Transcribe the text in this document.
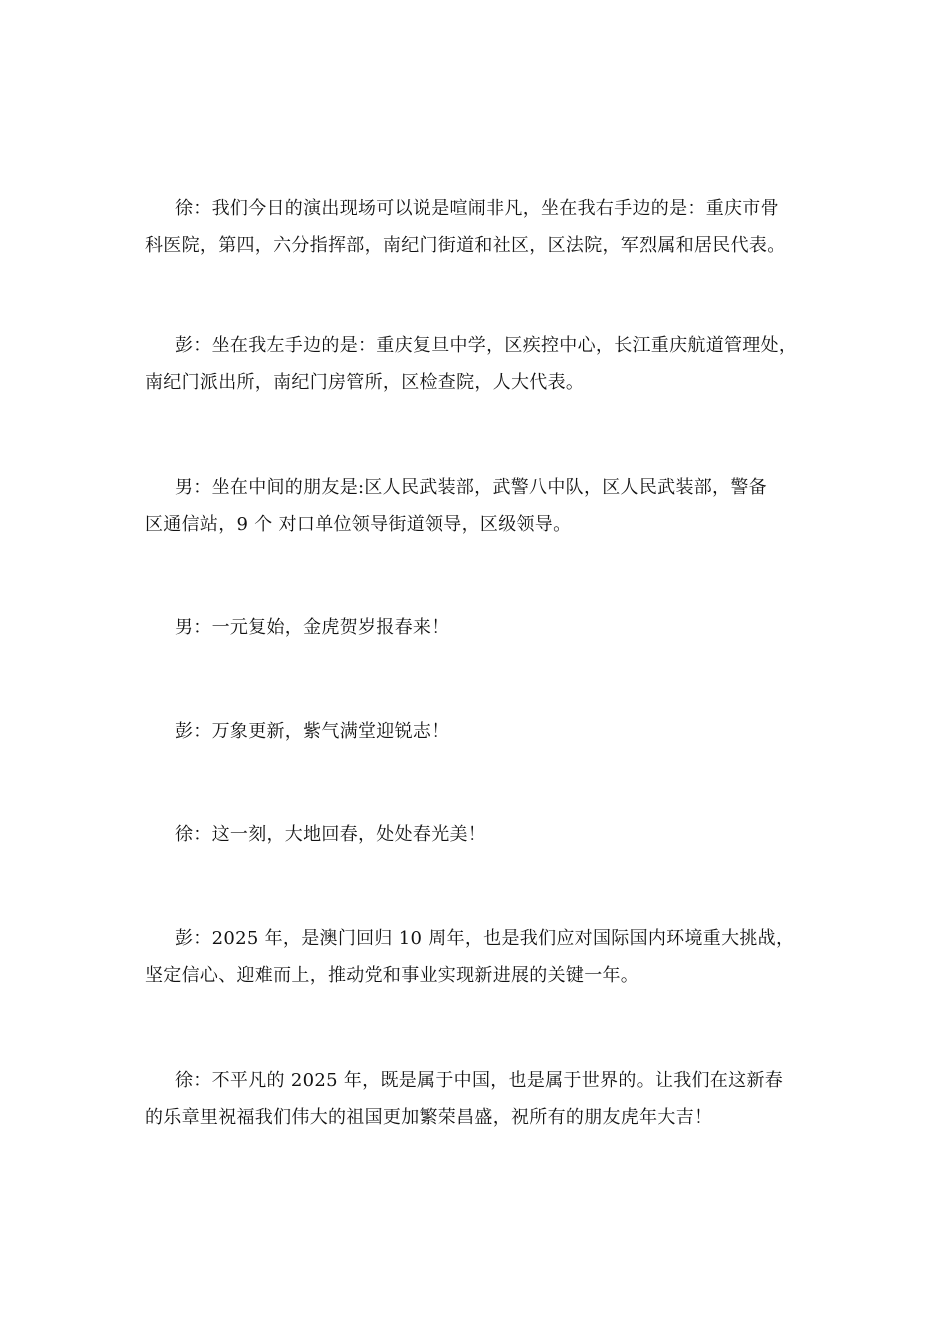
徐：我们今日的演出现场可以说是喧闹非凡，坐在我右手边的是：重庆市骨
科医院，第四，六分指挥部，南纪门街道和社区，区法院，军烈属和居民代表。

彭：坐在我左手边的是：重庆复旦中学，区疾控中心，长江重庆航道管理处，
南纪门派出所，南纪门房管所，区检查院，人大代表。

男：坐在中间的朋友是:区人民武装部，武警八中队，区人民武装部，警备
区通信站，9 个 对口单位领导街道领导，区级领导。

男：一元复始，金虎贺岁报春来！

彭：万象更新，紫气满堂迎锐志！

徐：这一刻，大地回春，处处春光美！

彭：2025 年，是澳门回归 10 周年，也是我们应对国际国内环境重大挑战，
坚定信心、迎难而上，推动党和事业实现新进展的关键一年。

徐：不平凡的 2025 年，既是属于中国，也是属于世界的。让我们在这新春
的乐章里祝福我们伟大的祖国更加繁荣昌盛，祝所有的朋友虎年大吉！
